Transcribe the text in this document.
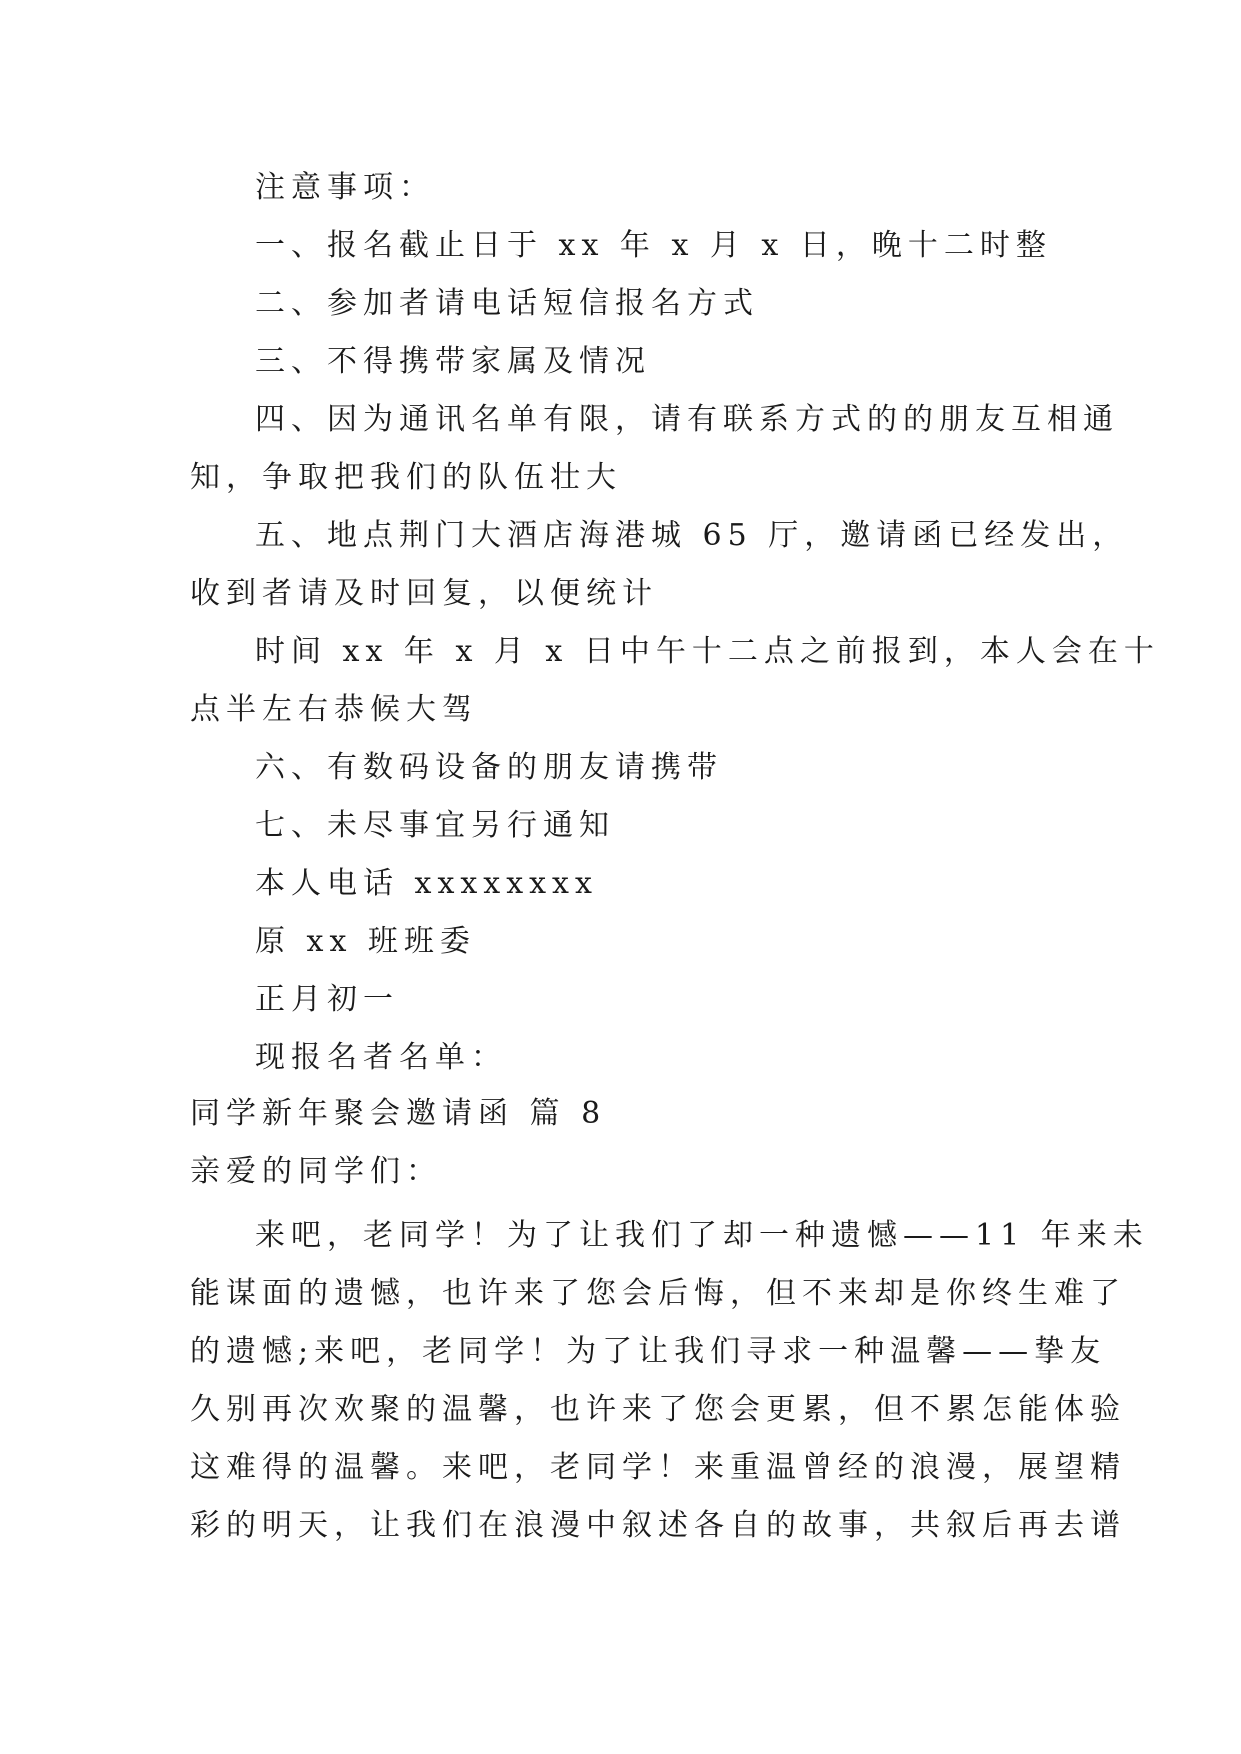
注意事项：

一、报名截止日于 xx 年 x 月 x 日，晚十二时整

二、参加者请电话短信报名方式

三、不得携带家属及情况

四、因为通讯名单有限，请有联系方式的的朋友互相通

知，争取把我们的队伍壮大

五、地点荆门大酒店海港城 65 厅，邀请函已经发出，

收到者请及时回复，以便统计

时间 xx 年 x 月 x 日中午十二点之前报到，本人会在十

点半左右恭候大驾

六、有数码设备的朋友请携带

七、未尽事宜另行通知

本人电话 xxxxxxxx

原 xx 班班委

正月初一

现报名者名单：

同学新年聚会邀请函 篇 8

亲爱的同学们：

来吧，老同学！为了让我们了却一种遗憾——11 年来未

能谋面的遗憾，也许来了您会后悔，但不来却是你终生难了

的遗憾;来吧，老同学！为了让我们寻求一种温馨——挚友

久别再次欢聚的温馨，也许来了您会更累，但不累怎能体验

这难得的温馨。来吧，老同学！来重温曾经的浪漫，展望精

彩的明天，让我们在浪漫中叙述各自的故事，共叙后再去谱
